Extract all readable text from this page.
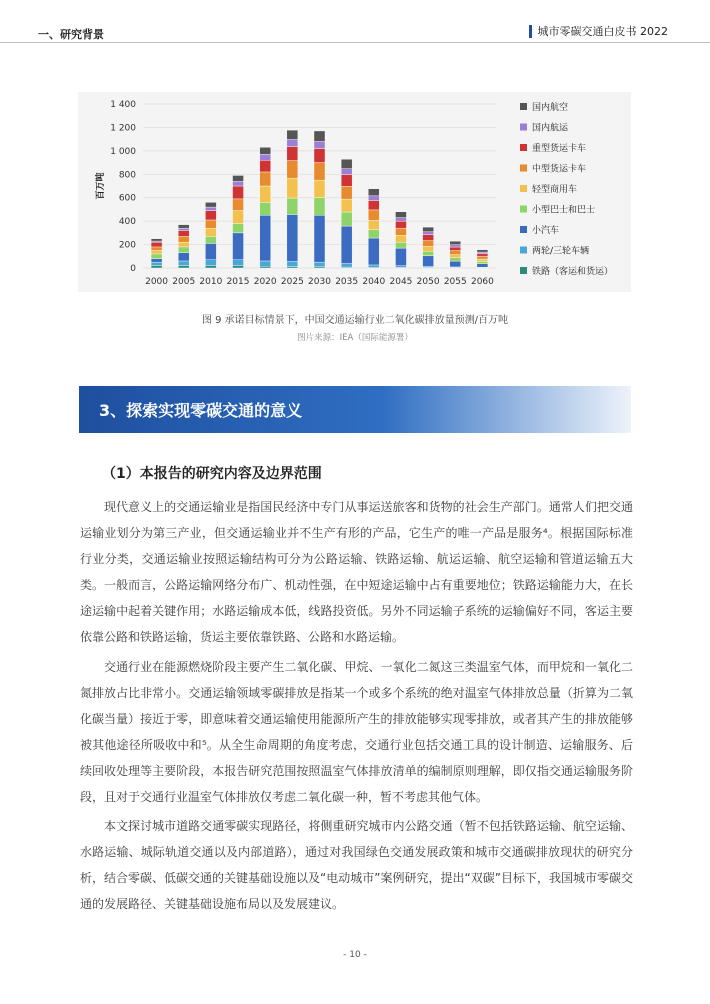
一、研究背景	城市零碳交通白皮书 2022
0
200
400
600
800
1 000
1 200
1 400
百万吨
2000 2005 2010 2015 2020 2025 2030 2035 2040 2045 2050 2055 2060
国内航空
国内航运
重型货运卡车
中型货运卡车
轻型商用车
小型巴士和巴士
小汽车
两轮/三轮车辆
铁路（客运和货运）
图 9 承诺目标情景下，中国交通运输行业二氧化碳排放量预测/百万吨
图片来源：IEA（国际能源署）
3、探索实现零碳交通的意义
（1）本报告的研究内容及边界范围

现代意义上的交通运输业是指国民经济中专门从事运送旅客和货物的社会生产部门。通常人们把交通运输业划分为第三产业，但交通运输业并不生产有形的产品，它生产的唯一产品是服务⁴。根据国际标准行业分类，交通运输业按照运输结构可分为公路运输、铁路运输、航运运输、航空运输和管道运输五大类。一般而言，公路运输网络分布广、机动性强，在中短途运输中占有重要地位；铁路运输能力大，在长途运输中起着关键作用；水路运输成本低，线路投资低。另外不同运输子系统的运输偏好不同，客运主要依靠公路和铁路运输，货运主要依靠铁路、公路和水路运输。

交通行业在能源燃烧阶段主要产生二氧化碳、甲烷、一氧化二氮这三类温室气体，而甲烷和一氧化二氮排放占比非常小。交通运输领域零碳排放是指某一个或多个系统的绝对温室气体排放总量（折算为二氧化碳当量）接近于零，即意味着交通运输使用能源所产生的排放能够实现零排放，或者其产生的排放能够被其他途径所吸收中和⁵。从全生命周期的角度考虑，交通行业包括交通工具的设计制造、运输服务、后续回收处理等主要阶段，本报告研究范围按照温室气体排放清单的编制原则理解，即仅指交通运输服务阶段，且对于交通行业温室气体排放仅考虑二氧化碳一种，暂不考虑其他气体。

本文探讨城市道路交通零碳实现路径，将侧重研究城市内公路交通（暂不包括铁路运输、航空运输、水路运输、城际轨道交通以及内部道路），通过对我国绿色交通发展政策和城市交通碳排放现状的研究分析，结合零碳、低碳交通的关键基础设施以及“电动城市”案例研究，提出“双碳”目标下，我国城市零碳交通的发展路径、关键基础设施布局以及发展建议。

- 10 -
